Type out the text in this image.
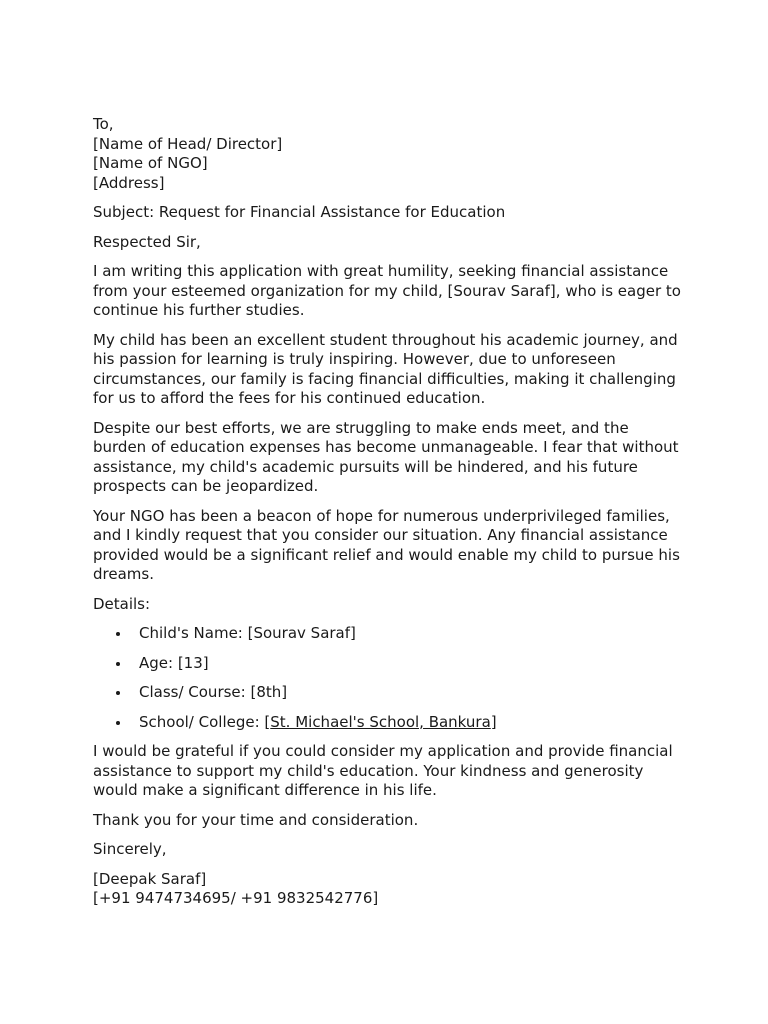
To,
[Name of Head/ Director]
[Name of NGO]
[Address]

Subject: Request for Financial Assistance for Education

Respected Sir,

I am writing this application with great humility, seeking financial assistance from your esteemed organization for my child, [Sourav Saraf], who is eager to continue his further studies.

My child has been an excellent student throughout his academic journey, and his passion for learning is truly inspiring. However, due to unforeseen circumstances, our family is facing financial difficulties, making it challenging for us to afford the fees for his continued education.

Despite our best efforts, we are struggling to make ends meet, and the burden of education expenses has become unmanageable. I fear that without assistance, my child's academic pursuits will be hindered, and his future prospects can be jeopardized.

Your NGO has been a beacon of hope for numerous underprivileged families, and I kindly request that you consider our situation. Any financial assistance provided would be a significant relief and would enable my child to pursue his dreams.

Details:

Child's Name: [Sourav Saraf]
Age: [13]
Class/ Course: [8th]
School/ College: [St. Michael's School, Bankura]

I would be grateful if you could consider my application and provide financial assistance to support my child's education. Your kindness and generosity would make a significant difference in his life.

Thank you for your time and consideration.

Sincerely,

[Deepak Saraf]
[+91 9474734695/ +91 9832542776]
